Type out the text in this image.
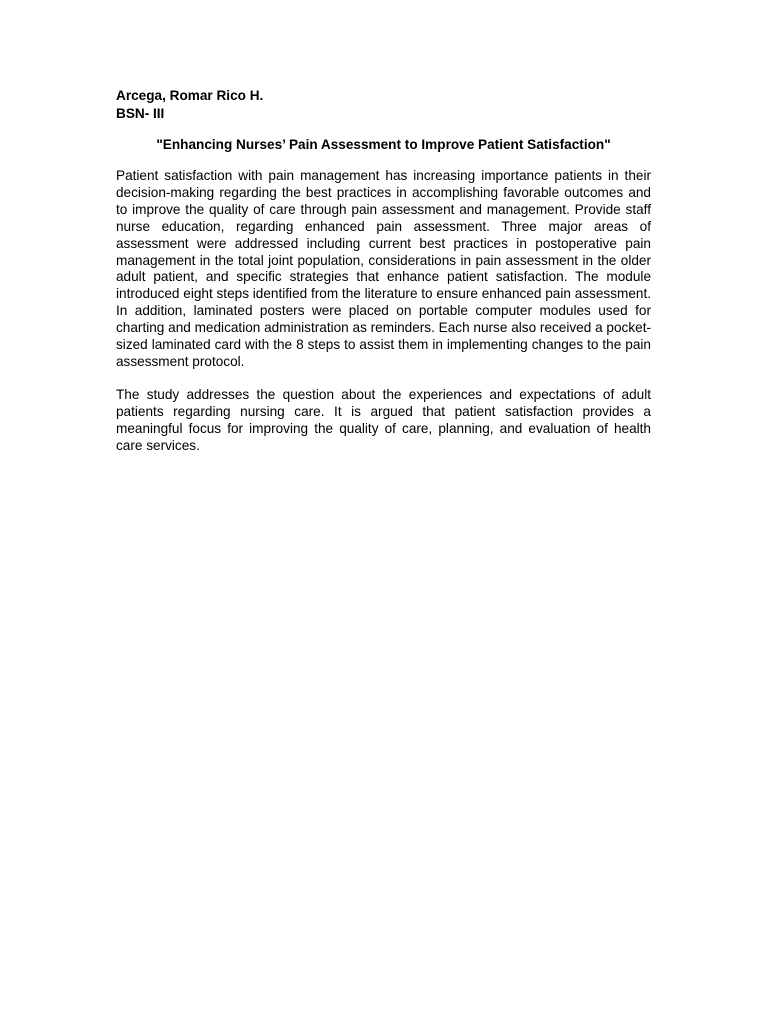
Arcega, Romar Rico H.

BSN- III

"Enhancing Nurses’ Pain Assessment to Improve Patient Satisfaction"

Patient satisfaction with pain management has increasing importance patients in their decision-making regarding the best practices in accomplishing favorable outcomes and to improve the quality of care through pain assessment and management. Provide staff nurse education, regarding enhanced pain assessment. Three major areas of assessment were addressed including current best practices in postoperative pain management in the total joint population, considerations in pain assessment in the older adult patient, and specific strategies that enhance patient satisfaction. The module introduced eight steps identified from the literature to ensure enhanced pain assessment. In addition, laminated posters were placed on portable computer modules used for charting and medication administration as reminders. Each nurse also received a pocket-sized laminated card with the 8 steps to assist them in implementing changes to the pain assessment protocol.

The study addresses the question about the experiences and expectations of adult patients regarding nursing care. It is argued that patient satisfaction provides a meaningful focus for improving the quality of care, planning, and evaluation of health care services.
